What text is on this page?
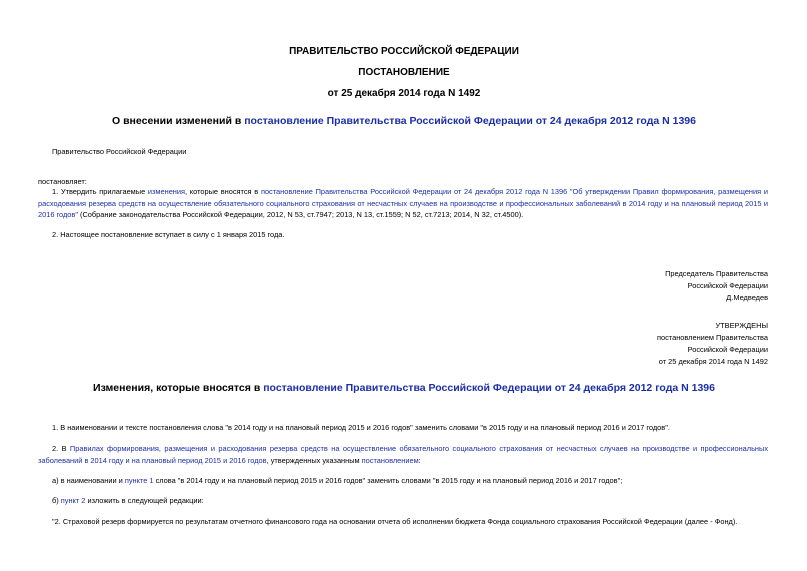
ПРАВИТЕЛЬСТВО РОССИЙСКОЙ ФЕДЕРАЦИИ
ПОСТАНОВЛЕНИЕ
от 25 декабря 2014 года N 1492
О внесении изменений в постановление Правительства Российской Федерации от 24 декабря 2012 года N 1396
Правительство Российской Федерации
постановляет:
1. Утвердить прилагаемые изменения, которые вносятся в постановление Правительства Российской Федерации от 24 декабря 2012 года N 1396 "Об утверждении Правил формирования, размещения и расходования резерва средств на осуществление обязательного социального страхования от несчастных случаев на производстве и профессиональных заболеваний в 2014 году и на плановый период 2015 и 2016 годов" (Собрание законодательства Российской Федерации, 2012, N 53, ст.7947; 2013, N 13, ст.1559; N 52, ст.7213; 2014, N 32, ст.4500).
2. Настоящее постановление вступает в силу с 1 января 2015 года.
Председатель Правительства
Российской Федерации
Д.Медведев
УТВЕРЖДЕНЫ
постановлением Правительства
Российской Федерации
от 25 декабря 2014 года N 1492
Изменения, которые вносятся в постановление Правительства Российской Федерации от 24 декабря 2012 года N 1396
1. В наименовании и тексте постановления слова "в 2014 году и на плановый период 2015 и 2016 годов" заменить словами "в 2015 году и на плановый период 2016 и 2017 годов".
2. В Правилах формирования, размещения и расходования резерва средств на осуществление обязательного социального страхования от несчастных случаев на производстве и профессиональных заболеваний в 2014 году и на плановый период 2015 и 2016 годов, утвержденных указанным постановлением:
а) в наименовании и пункте 1 слова "в 2014 году и на плановый период 2015 и 2016 годов" заменить словами "в 2015 году и на плановый период 2016 и 2017 годов";
б) пункт 2 изложить в следующей редакции:
"2. Страховой резерв формируется по результатам отчетного финансового года на основании отчета об исполнении бюджета Фонда социального страхования Российской Федерации (далее - Фонд).
